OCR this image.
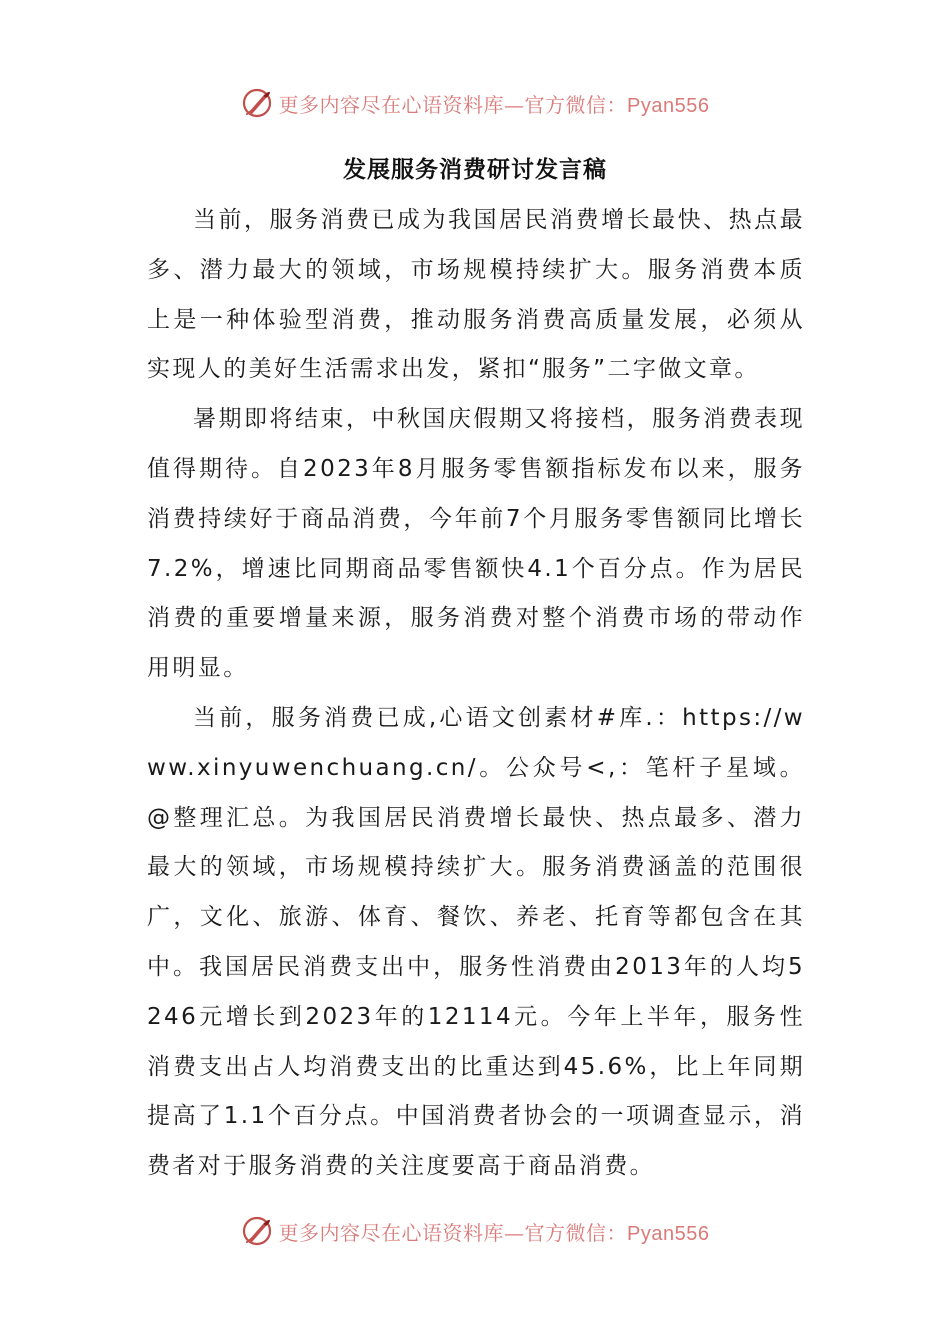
更多内容尽在心语资料库—官方微信：Pyan556
发展服务消费研讨发言稿

当前，服务消费已成为我国居民消费增长最快、热点最多、潜力最大的领域，市场规模持续扩大。服务消费本质上是一种体验型消费，推动服务消费高质量发展，必须从实现人的美好生活需求出发，紧扣“服务”二字做文章。

暑期即将结束，中秋国庆假期又将接档，服务消费表现值得期待。自2023年8月服务零售额指标发布以来，服务消费持续好于商品消费，今年前7个月服务零售额同比增长7.2%，增速比同期商品零售额快4.1个百分点。作为居民消费的重要增量来源，服务消费对整个消费市场的带动作用明显。

当前，服务消费已成,心语文创素材#库.：https://www.xinyuwenchuang.cn/。公众号<,：笔杆子星域。@整理汇总。为我国居民消费增长最快、热点最多、潜力最大的领域，市场规模持续扩大。服务消费涵盖的范围很广，文化、旅游、体育、餐饮、养老、托育等都包含在其中。我国居民消费支出中，服务性消费由2013年的人均5246元增长到2023年的12114元。今年上半年，服务性消费支出占人均消费支出的比重达到45.6%，比上年同期提高了1.1个百分点。中国消费者协会的一项调查显示，消费者对于服务消费的关注度要高于商品消费。

更多内容尽在心语资料库—官方微信：Pyan556
